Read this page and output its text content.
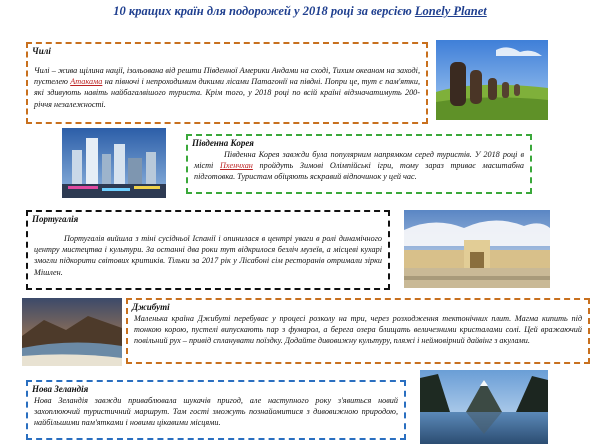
10 кращих країн для подорожей у 2018 році за версією Lonely Planet
Чилі

Чилі – жива щілина нації, ізольована від решти Південної Америки Андами на сході, Тихим океаном на заході, пустелею Атакама на півночі і непроходимим дикими лісами Патагонії на півдні. Попри це, тут є пам'ятки, які здивують навіть найбагалвішого туриста. Крім того, у 2018 році по всій країні відзначатимуть 200-річчя незалежності.

Південна Корея

Південна Корея завжди була популярним напрямком серед туристів. У 2018 році в місті Пхенчхан пройдуть Зимові Олімпійські ігри, тому зараз триває масштабна підготовка. Туристам обіцяють яскравий відпочинок у цей час.

Португалія

Португалія вийшла з тіні сусідньої Іспанії і опинилася в центрі уваги в ролі динамічного центру мистецтва і культури. За останні два роки тут відкрилося безліч музеїв, а місцеві кухарі змогли підкорити світових критиків. Тільки за 2017 рік у Лісабоні сім ресторанів отримали зірки Мішлен.

Джибуті

Маленька країна Джибуті перебуває у процесі розколу на три, через розходження тектонічних плит. Магма кипить під тонкою корою, пустелі випускають пар з фумарол, а берега озера блищать величезними кристалами солі. Цей вражаючий повільний рух – привід спланувати поїздку. Додайте дивовижну культуру, пляжі і неймовірний дайвінг з акулами.

Нова Зеландія

Нова Зеландія завжди приваблювала шукачів пригод, але наступного року з'явиться новий захоплюючий туристичний маршрут. Там гості зможуть познайомитися з дивовижною природою, найбільшими пам'ятками і новими цікавими місцями.
